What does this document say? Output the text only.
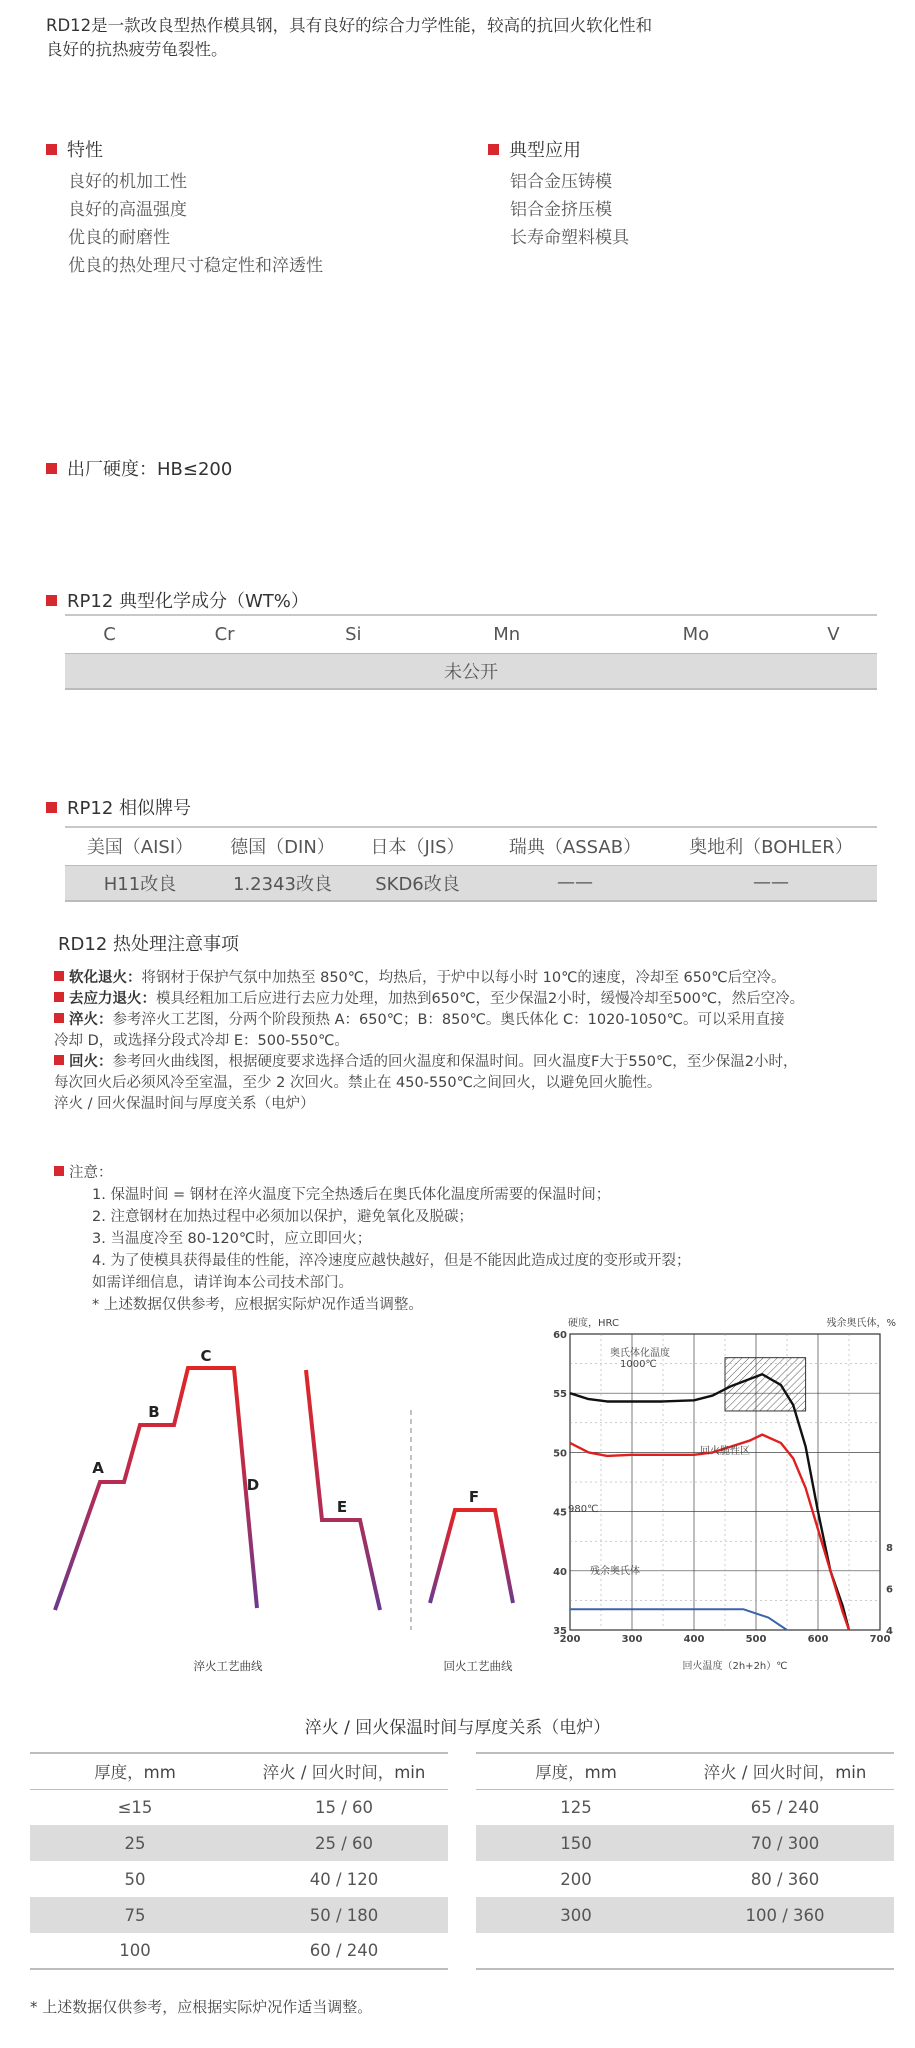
RD12是一款改良型热作模具钢，具有良好的综合力学性能，较高的抗回火软化性和
良好的抗热疲劳龟裂性。
特性
良好的机加工性
良好的高温强度
优良的耐磨性
优良的热处理尺寸稳定性和淬透性
典型应用
铝合金压铸模
铝合金挤压模
长寿命塑料模具
出厂硬度：HB≤200
RP12 典型化学成分（WT%）
C	Cr	Si	Mn	Mo	V
未公开
RP12 相似牌号
美国（AISI）	德国（DIN）	日本（JIS）	瑞典（ASSAB）	奥地利（BOHLER）
H11改良	1.2343改良	SKD6改良	——	——
RD12 热处理注意事项

软化退火：将钢材于保护气氛中加热至 850℃，均热后，于炉中以每小时 10℃的速度，冷却至 650℃后空冷。

去应力退火：模具经粗加工后应进行去应力处理，加热到650℃，至少保温2小时，缓慢冷却至500℃，然后空冷。

淬火：参考淬火工艺图，分两个阶段预热 A：650℃；B：850℃。奥氏体化 C：1020-1050℃。可以采用直接

冷却 D，或选择分段式冷却 E：500-550℃。

回火：参考回火曲线图，根据硬度要求选择合适的回火温度和保温时间。回火温度F大于550℃，至少保温2小时，

每次回火后必须风冷至室温，至少 2 次回火。禁止在 450-550℃之间回火，以避免回火脆性。

淬火 / 回火保温时间与厚度关系（电炉）

注意：

1. 保温时间 = 钢材在淬火温度下完全热透后在奥氏体化温度所需要的保温时间；

2. 注意钢材在加热过程中必须加以保护，避免氧化及脱碳；

3. 当温度冷至 80-120℃时，应立即回火；

4. 为了使模具获得最佳的性能，淬冷速度应越快越好，但是不能因此造成过度的变形或开裂；

如需详细信息，请详询本公司技术部门。

* 上述数据仅供参考，应根据实际炉况作适当调整。

A
B
C
D
E
F
淬火工艺曲线	回火工艺曲线
200	300	400	500	600	700
35
40
45
50
55
60
4
6
8
硬度，HRC	残余奥氏体，%
回火温度（2h+2h）℃
奥氏体化温度
1000℃
980℃
回火脆性区
残余奥氏体
淬火 / 回火保温时间与厚度关系（电炉）
厚度，mm	淬火 / 回火时间，min
≤15	15 / 60
25	25 / 60
50	40 / 120
75	50 / 180
100	60 / 240
厚度，mm	淬火 / 回火时间，min
125	65 / 240
150	70 / 300
200	80 / 360
300	100 / 360

* 上述数据仅供参考，应根据实际炉况作适当调整。
